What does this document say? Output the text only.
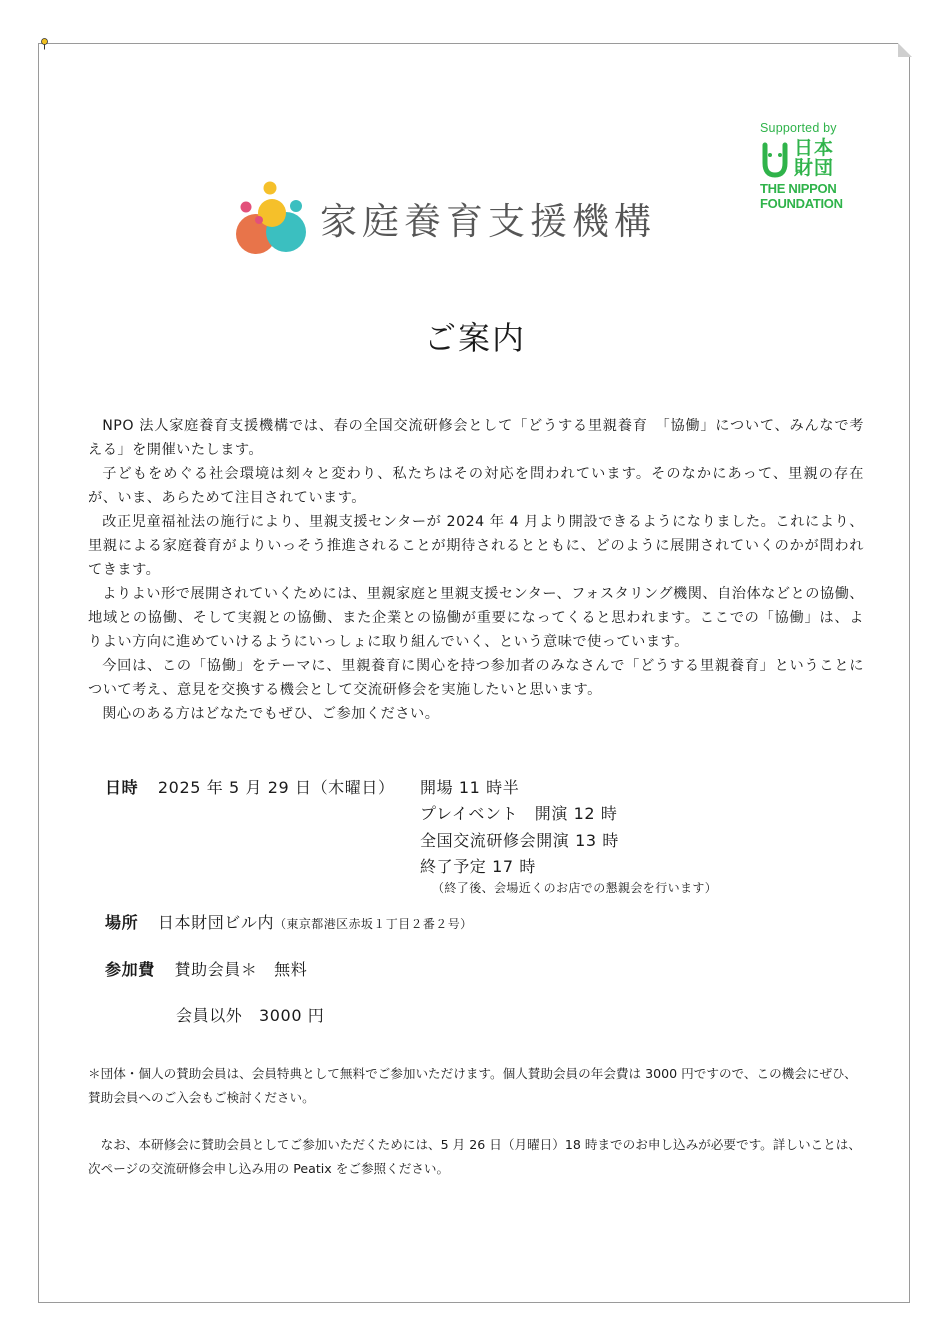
家庭養育支援機構
Supported by
日本
財団
THE NIPPON
FOUNDATION
ご案内

NPO 法人家庭養育支援機構では、春の全国交流研修会として「どうする里親養育　「協働」について、みんなで考える」を開催いたします。

子どもをめぐる社会環境は刻々と変わり、私たちはその対応を問われています。そのなかにあって、里親の存在が、いま、あらためて注目されています。

改正児童福祉法の施行により、里親支援センターが 2024 年 4 月より開設できるようになりました。これにより、里親による家庭養育がよりいっそう推進されることが期待されるとともに、どのように展開されていくのかが問われてきます。

よりよい形で展開されていくためには、里親家庭と里親支援センター、フォスタリング機関、自治体などとの協働、地域との協働、そして実親との協働、また企業との協働が重要になってくると思われます。ここでの「協働」は、よりよい方向に進めていけるようにいっしょに取り組んでいく、という意味で使っています。

今回は、この「協働」をテーマに、里親養育に関心を持つ参加者のみなさんで「どうする里親養育」ということについて考え、意見を交換する機会として交流研修会を実施したいと思います。

関心のある方はどなたでもぜひ、ご参加ください。

日時 2025 年 5 月 29 日（木曜日） 開場 11 時半
プレイベント　開演 12 時
全国交流研修会開演 13 時
終了予定 17 時
（終了後、会場近くのお店での懇親会を行います）
場所 日本財団ビル内（東京都港区赤坂１丁目２番２号）
参加費 賛助会員＊　無料
会員以外　3000 円

＊団体・個人の賛助会員は、会員特典として無料でご参加いただけます。個人賛助会員の年会費は 3000 円ですので、この機会にぜひ、賛助会員へのご入会もご検討ください。

なお、本研修会に賛助会員としてご参加いただくためには、5 月 26 日（月曜日）18 時までのお申し込みが必要です。詳しいことは、次ページの交流研修会申し込み用の Peatix をご参照ください。
